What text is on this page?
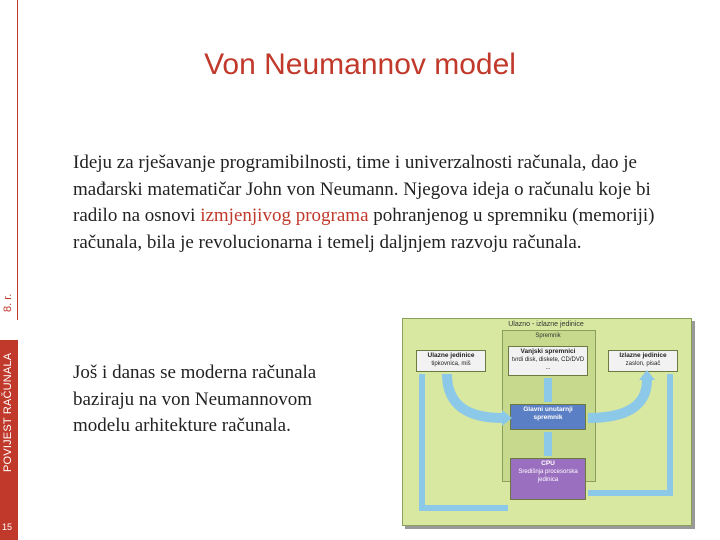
8. r.
POVIJEST RAČUNALA
15
Von Neumannov model

Ideju za rješavanje programibilnosti, time i univerzalnosti računala, dao je mađarski matematičar John von Neumann. Njegova ideja o računalu koje bi radilo na osnovi izmjenjivog programa pohranjenog u spremniku (memoriji) računala, bila je revolucionarna i temelj daljnjem razvoju računala.

Još i danas se moderna računala baziraju na von Neumannovom modelu arhitekture računala.

Ulazno - izlazne jedinice
Spremnik
Ulazne jedinice
tipkovnica, miš
Vanjski spremnici
tvrdi disk, diskete, CD/DVD ...
Izlazne jedinice
zaslon, pisač
Glavni unutarnji spremnik
CPU
Središnja procesorska jedinica
